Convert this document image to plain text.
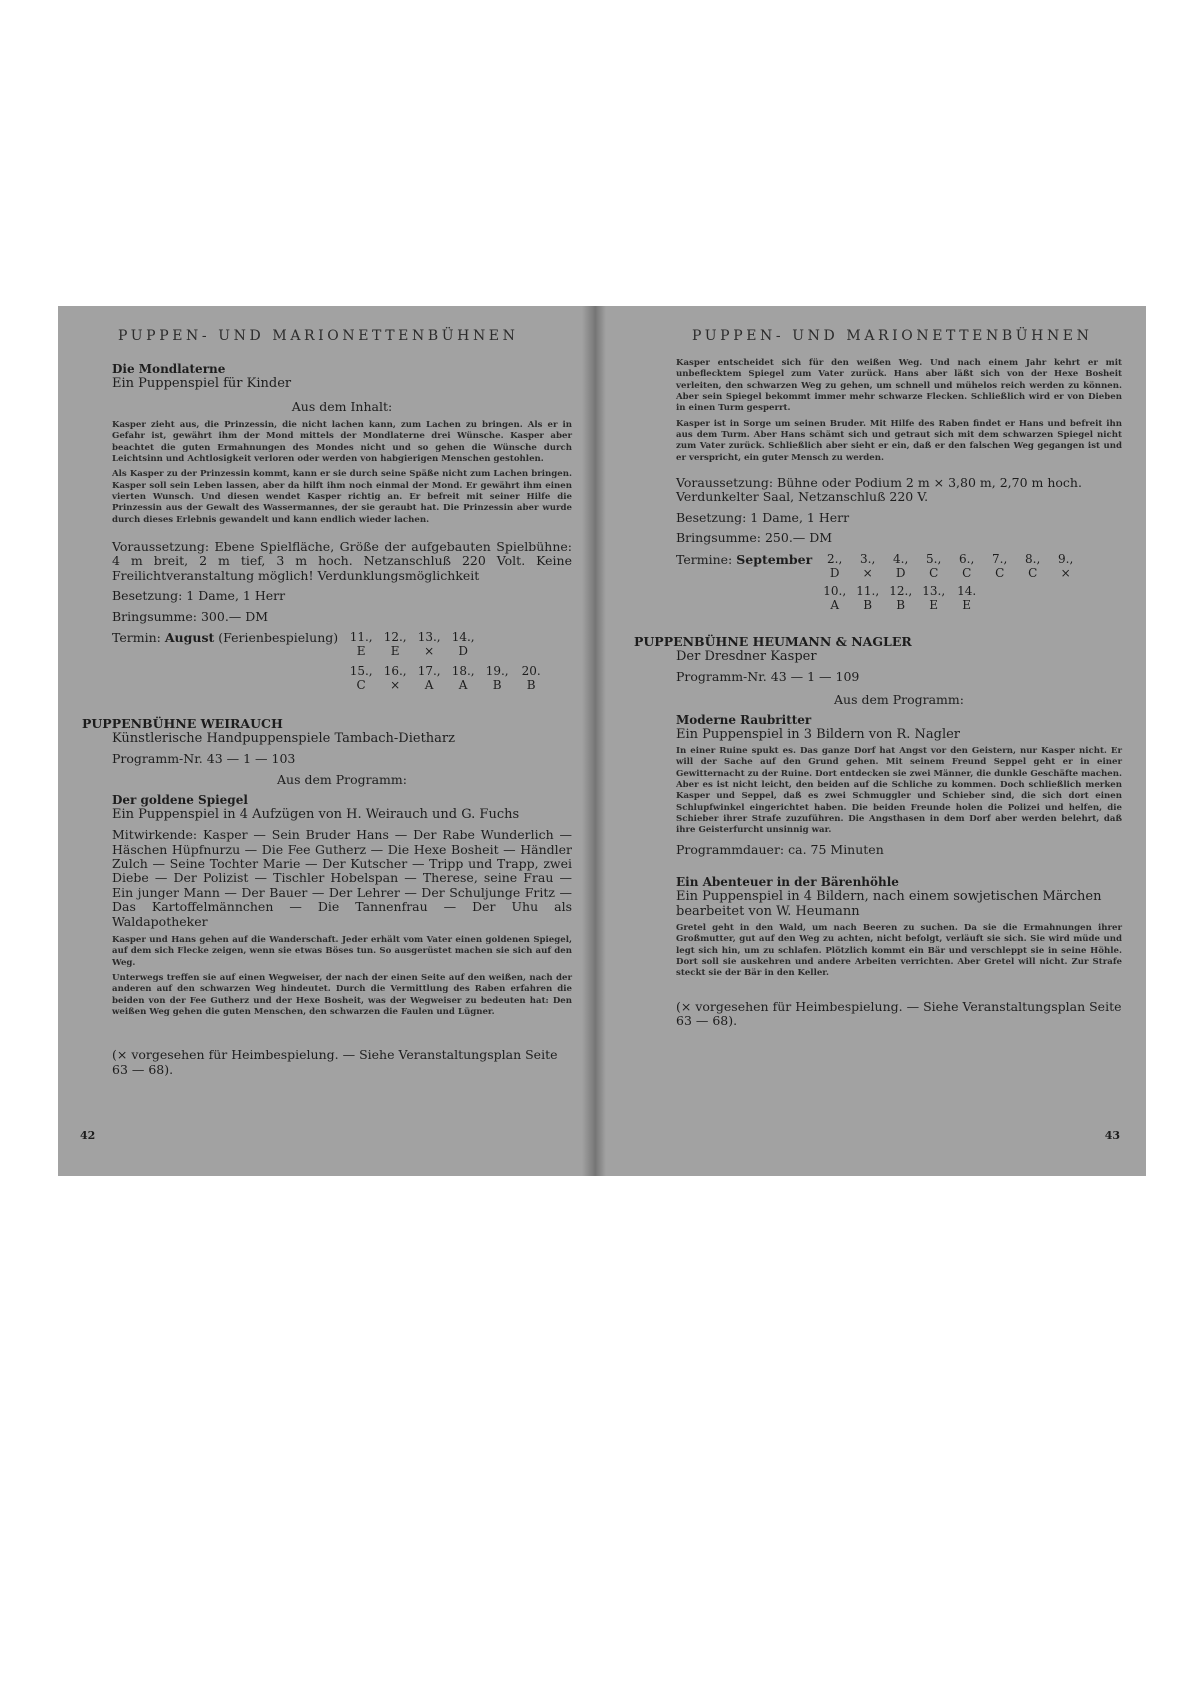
PUPPEN- UND MARIONETTENBÜHNEN

Die Mondlaterne

Ein Puppenspiel für Kinder

Aus dem Inhalt:

Kasper zieht aus, die Prinzessin, die nicht lachen kann, zum Lachen zu bringen. Als er in Gefahr ist, gewährt ihm der Mond mittels der Mondlaterne drei Wünsche. Kasper aber beachtet die guten Ermahnungen des Mondes nicht und so gehen die Wünsche durch Leichtsinn und Achtlosigkeit verloren oder werden von habgierigen Menschen gestohlen.

Als Kasper zu der Prinzessin kommt, kann er sie durch seine Späße nicht zum Lachen bringen. Kasper soll sein Leben lassen, aber da hilft ihm noch einmal der Mond. Er gewährt ihm einen vierten Wunsch. Und diesen wendet Kasper richtig an. Er befreit mit seiner Hilfe die Prinzessin aus der Gewalt des Wassermannes, der sie geraubt hat. Die Prinzessin aber wurde durch dieses Erlebnis gewandelt und kann endlich wieder lachen.

Voraussetzung: Ebene Spielfläche, Größe der aufgebauten Spielbühne: 4 m breit, 2 m tief, 3 m hoch. Netzanschluß 220 Volt. Keine Freilichtveranstaltung möglich! Verdunklungsmöglichkeit

Besetzung: 1 Dame, 1 Herr

Bringsumme: 300.— DM

Termin: August (Ferienbespielung) 11., 12., 13., 14.,
E	E	×	D
15., 16., 17., 18., 19.,	20.
C	×	A	A	B	B

PUPPENBÜHNE WEIRAUCH

Künstlerische Handpuppenspiele Tambach-Dietharz

Programm-Nr. 43 — 1 — 103

Aus dem Programm:

Der goldene Spiegel

Ein Puppenspiel in 4 Aufzügen von H. Weirauch und G. Fuchs

Mitwirkende: Kasper — Sein Bruder Hans — Der Rabe Wunderlich — Häschen Hüpfnurzu — Die Fee Gutherz — Die Hexe Bosheit — Händler Zulch — Seine Tochter Marie — Der Kutscher — Tripp und Trapp, zwei Diebe — Der Polizist — Tischler Hobelspan — Therese, seine Frau — Ein junger Mann — Der Bauer — Der Lehrer — Der Schuljunge Fritz — Das Kartoffelmännchen — Die Tannenfrau — Der Uhu als Waldapotheker

Kasper und Hans gehen auf die Wanderschaft. Jeder erhält vom Vater einen goldenen Spiegel, auf dem sich Flecke zeigen, wenn sie etwas Böses tun. So ausgerüstet machen sie sich auf den Weg.

Unterwegs treffen sie auf einen Wegweiser, der nach der einen Seite auf den weißen, nach der anderen auf den schwarzen Weg hindeutet. Durch die Vermittlung des Raben erfahren die beiden von der Fee Gutherz und der Hexe Bosheit, was der Wegweiser zu bedeuten hat: Den weißen Weg gehen die guten Menschen, den schwarzen die Faulen und Lügner.

(× vorgesehen für Heimbespielung. — Siehe Veranstaltungsplan Seite 63 — 68).

42
PUPPEN- UND MARIONETTENBÜHNEN

Kasper entscheidet sich für den weißen Weg. Und nach einem Jahr kehrt er mit unbeflecktem Spiegel zum Vater zurück. Hans aber läßt sich von der Hexe Bosheit verleiten, den schwarzen Weg zu gehen, um schnell und mühelos reich werden zu können. Aber sein Spiegel bekommt immer mehr schwarze Flecken. Schließlich wird er von Dieben in einen Turm gesperrt.

Kasper ist in Sorge um seinen Bruder. Mit Hilfe des Raben findet er Hans und befreit ihn aus dem Turm. Aber Hans schämt sich und getraut sich mit dem schwarzen Spiegel nicht zum Vater zurück. Schließlich aber sieht er ein, daß er den falschen Weg gegangen ist und er verspricht, ein guter Mensch zu werden.

Voraussetzung: Bühne oder Podium 2 m × 3,80 m, 2,70 m hoch. Verdunkelter Saal, Netzanschluß 220 V.

Besetzung: 1 Dame, 1 Herr

Bringsumme: 250.— DM

Termine: September	2.,	3.,	4.,	5.,	6.,	7.,	8.,	9.,
D	×	D	C	C	C	C	×
10., 11., 12., 13.,	14.
A	B	B	E	E

PUPPENBÜHNE HEUMANN & NAGLER

Der Dresdner Kasper

Programm-Nr. 43 — 1 — 109

Aus dem Programm:

Moderne Raubritter

Ein Puppenspiel in 3 Bildern von R. Nagler

In einer Ruine spukt es. Das ganze Dorf hat Angst vor den Geistern, nur Kasper nicht. Er will der Sache auf den Grund gehen. Mit seinem Freund Seppel geht er in einer Gewitternacht zu der Ruine. Dort entdecken sie zwei Männer, die dunkle Geschäfte machen. Aber es ist nicht leicht, den beiden auf die Schliche zu kommen. Doch schließlich merken Kasper und Seppel, daß es zwei Schmuggler und Schieber sind, die sich dort einen Schlupfwinkel eingerichtet haben. Die beiden Freunde holen die Polizei und helfen, die Schieber ihrer Strafe zuzuführen. Die Angsthasen in dem Dorf aber werden belehrt, daß ihre Geisterfurcht unsinnig war.

Programmdauer: ca. 75 Minuten

Ein Abenteuer in der Bärenhöhle

Ein Puppenspiel in 4 Bildern, nach einem sowjetischen Märchen bearbeitet von W. Heumann

Gretel geht in den Wald, um nach Beeren zu suchen. Da sie die Ermahnungen ihrer Großmutter, gut auf den Weg zu achten, nicht befolgt, verläuft sie sich. Sie wird müde und legt sich hin, um zu schlafen. Plötzlich kommt ein Bär und verschleppt sie in seine Höhle. Dort soll sie auskehren und andere Arbeiten verrichten. Aber Gretel will nicht. Zur Strafe steckt sie der Bär in den Keller.

(× vorgesehen für Heimbespielung. — Siehe Veranstaltungsplan Seite 63 — 68).

43
